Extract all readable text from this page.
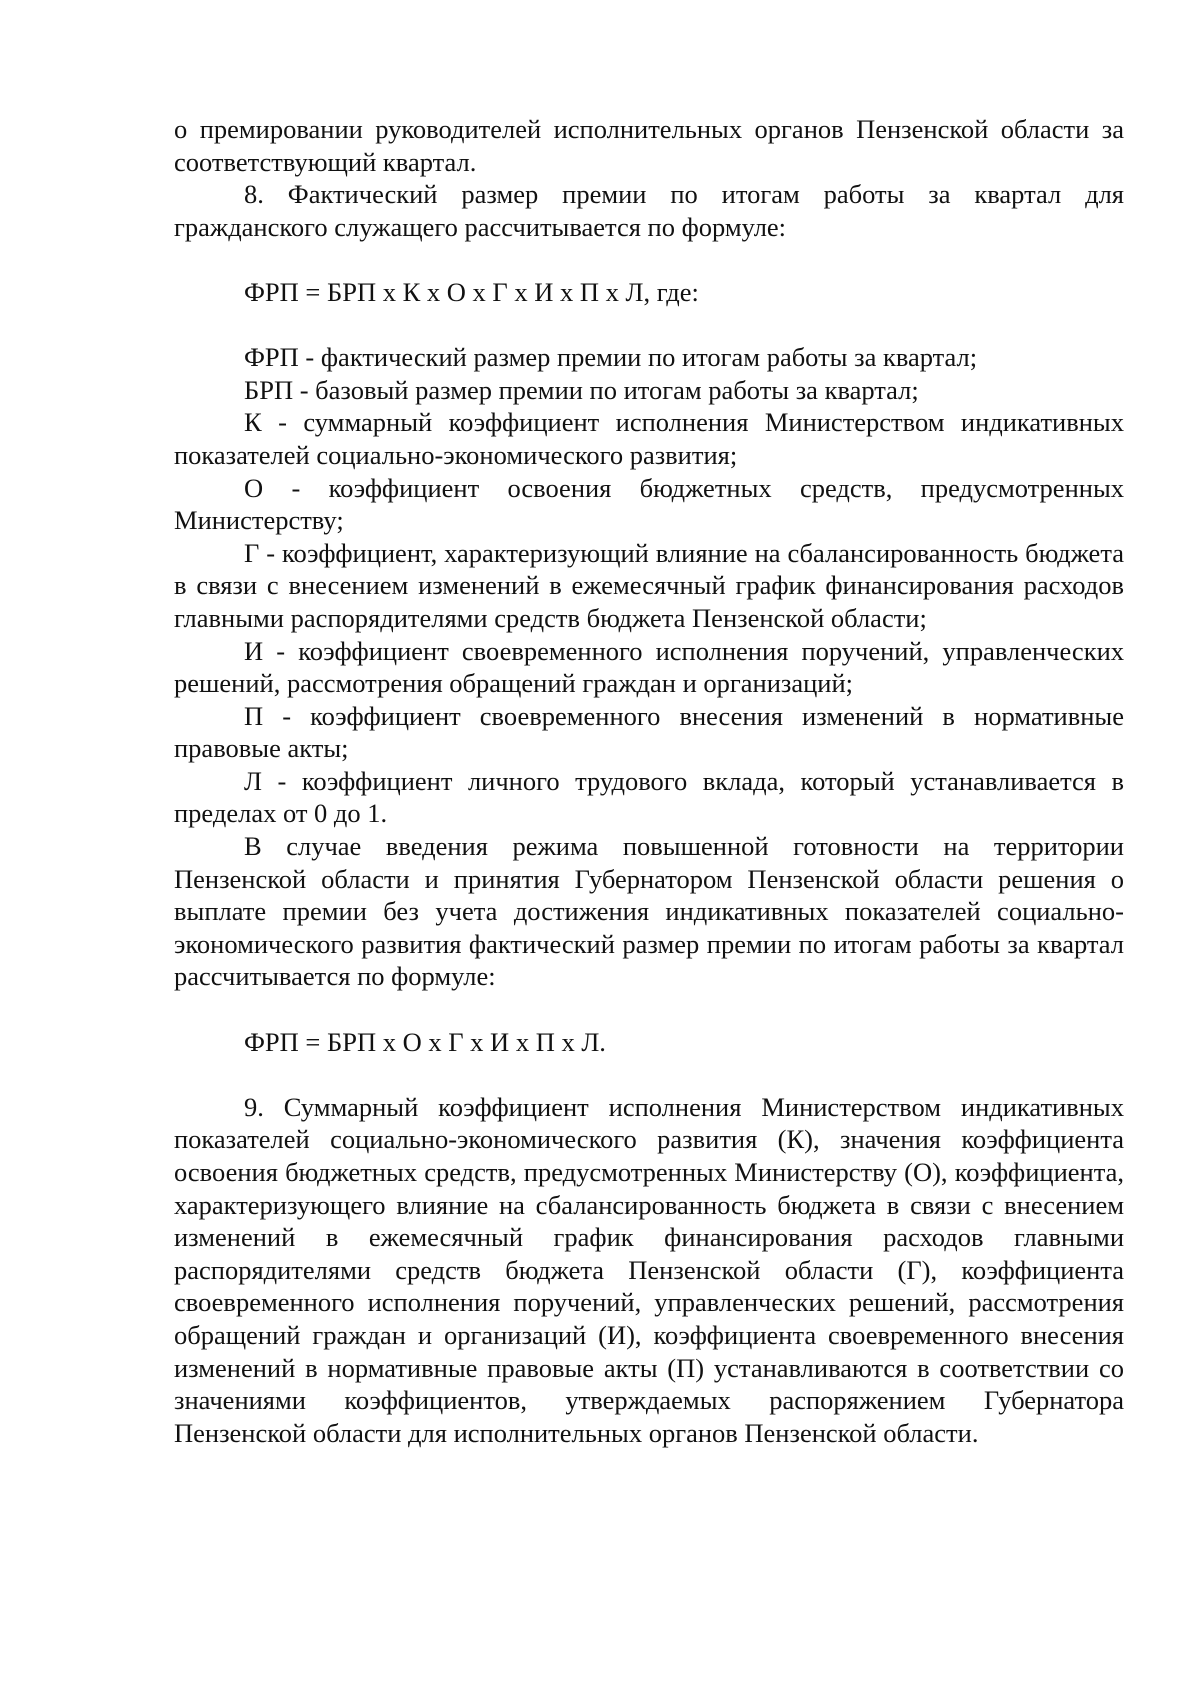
о премировании руководителей исполнительных органов Пензенской области за соответствующий квартал.

8. Фактический размер премии по итогам работы за квартал для гражданского служащего рассчитывается по формуле:

ФРП = БРП x К x О x Г x И x П x Л, где:

ФРП - фактический размер премии по итогам работы за квартал;

БРП - базовый размер премии по итогам работы за квартал;

К - суммарный коэффициент исполнения Министерством индикативных показателей социально-экономического развития;

О - коэффициент освоения бюджетных средств, предусмотренных Министерству;

Г - коэффициент, характеризующий влияние на сбалансированность бюджета в связи с внесением изменений в ежемесячный график финансирования расходов главными распорядителями средств бюджета Пензенской области;

И - коэффициент своевременного исполнения поручений, управленческих решений, рассмотрения обращений граждан и организаций;

П - коэффициент своевременного внесения изменений в нормативные правовые акты;

Л - коэффициент личного трудового вклада, который устанавливается в пределах от 0 до 1.

В случае введения режима повышенной готовности на территории Пензенской области и принятия Губернатором Пензенской области решения о выплате премии без учета достижения индикативных показателей социально-экономического развития фактический размер премии по итогам работы за квартал рассчитывается по формуле:

ФРП = БРП x О x Г x И x П x Л.

9. Суммарный коэффициент исполнения Министерством индикативных показателей социально-экономического развития (К), значения коэффициента освоения бюджетных средств, предусмотренных Министерству (О), коэффициента, характеризующего влияние на сбалансированность бюджета в связи с внесением изменений в ежемесячный график финансирования расходов главными распорядителями средств бюджета Пензенской области (Г), коэффициента своевременного исполнения поручений, управленческих решений, рассмотрения обращений граждан и организаций (И), коэффициента своевременного внесения изменений в нормативные правовые акты (П) устанавливаются в соответствии со значениями коэффициентов, утверждаемых распоряжением Губернатора Пензенской области для исполнительных органов Пензенской области.
